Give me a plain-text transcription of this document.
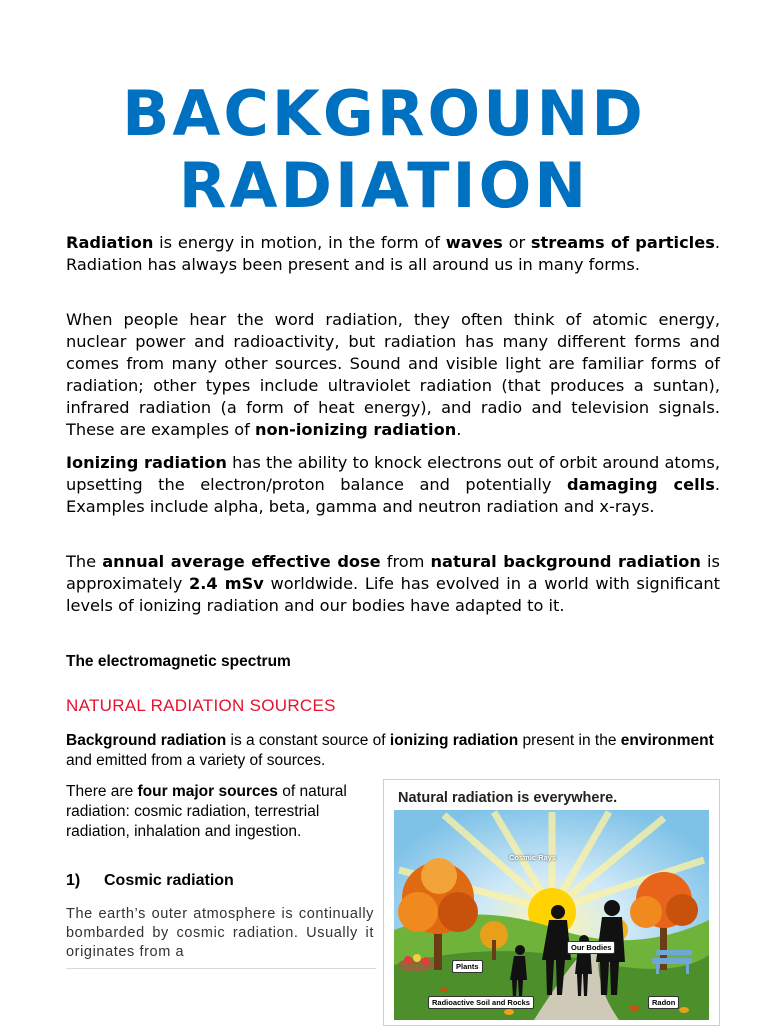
BACKGROUND
RADIATION

Radiation is energy in motion, in the form of waves or streams of particles. Radiation has always been present and is all around us in many forms.

When people hear the word radiation, they often think of atomic energy, nuclear power and radioactivity, but radiation has many different forms and comes from many other sources. Sound and visible light are familiar forms of radiation; other types include ultraviolet radiation (that produces a suntan), infrared radiation (a form of heat energy), and radio and television signals. These are examples of non-ionizing radiation.

Ionizing radiation has the ability to knock electrons out of orbit around atoms, upsetting the electron/proton balance and potentially damaging cells. Examples include alpha, beta, gamma and neutron radiation and x-rays.

The annual average effective dose from natural background radiation is approximately 2.4 mSv worldwide. Life has evolved in a world with significant levels of ionizing radiation and our bodies have adapted to it.

The electromagnetic spectrum
NATURAL RADIATION SOURCES

Background radiation is a constant source of ionizing radiation present in the environment and emitted from a variety of sources.

There are four major sources of natural radiation: cosmic radiation, terrestrial radiation, inhalation and ingestion.

1) Cosmic radiation

The earth’s outer atmosphere is continually bombarded by cosmic radiation. Usually it originates from a

Natural radiation is everywhere.
Cosmic Rays
Our Bodies
Plants
Radioactive Soil and Rocks	Radon
